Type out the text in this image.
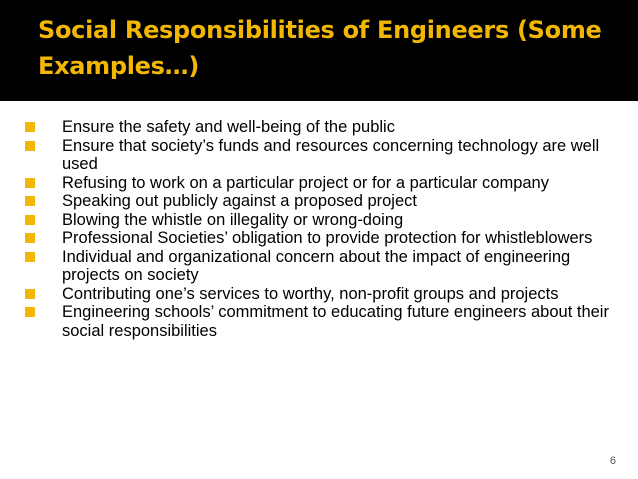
Social Responsibilities of Engineers (Some Examples…)
Ensure the safety and well-being of the public
Ensure that society’s funds and resources concerning technology are well used
Refusing to work on a particular project or for a particular company
Speaking out publicly against a proposed project
Blowing the whistle on illegality or wrong-doing
Professional Societies’ obligation to provide protection for whistleblowers
Individual and organizational concern about the impact of engineering projects on society
Contributing one’s services to worthy, non-profit groups and projects
Engineering schools’ commitment to educating future engineers about their social responsibilities
6
